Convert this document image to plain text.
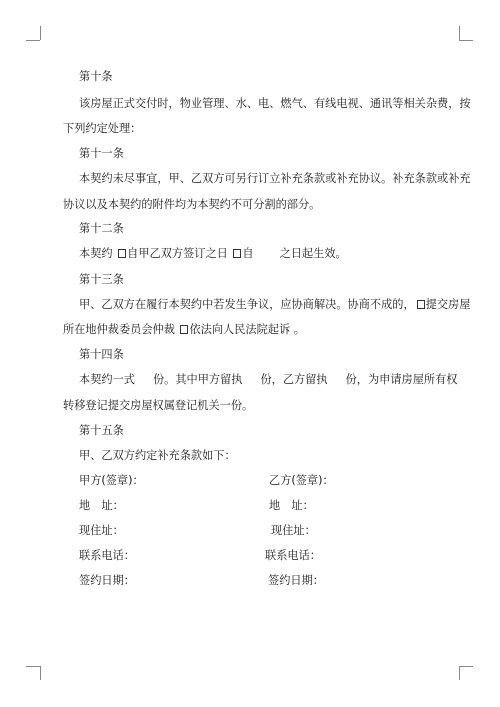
第十条
该房屋正式交付时，物业管理、水、电、燃气、有线电视、通讯等相关杂费，按
下列约定处理：
第十一条
本契约未尽事宜，甲、乙双方可另行订立补充条款或补充协议。补充条款或补充
协议以及本契约的附件均为本契约不可分割的部分。
第十二条
本契约 自甲乙双方签订之日 自 之日起生效。
第十三条
甲、乙双方在履行本契约中若发生争议，应协商解决。协商不成的， 提交房屋
所在地仲裁委员会仲裁 依法向人民法院起诉 。
第十四条
本契约一式 份。其中甲方留执 份，乙方留执 份，为申请房屋所有权
转移登记提交房屋权属登记机关一份。
第十五条
甲、乙双方约定补充条款如下：
甲方(签章)：	乙方(签章)：
地　址：	地　址：
现住址：	现住址：
联系电话：	联系电话：
签约日期：	签约日期：
